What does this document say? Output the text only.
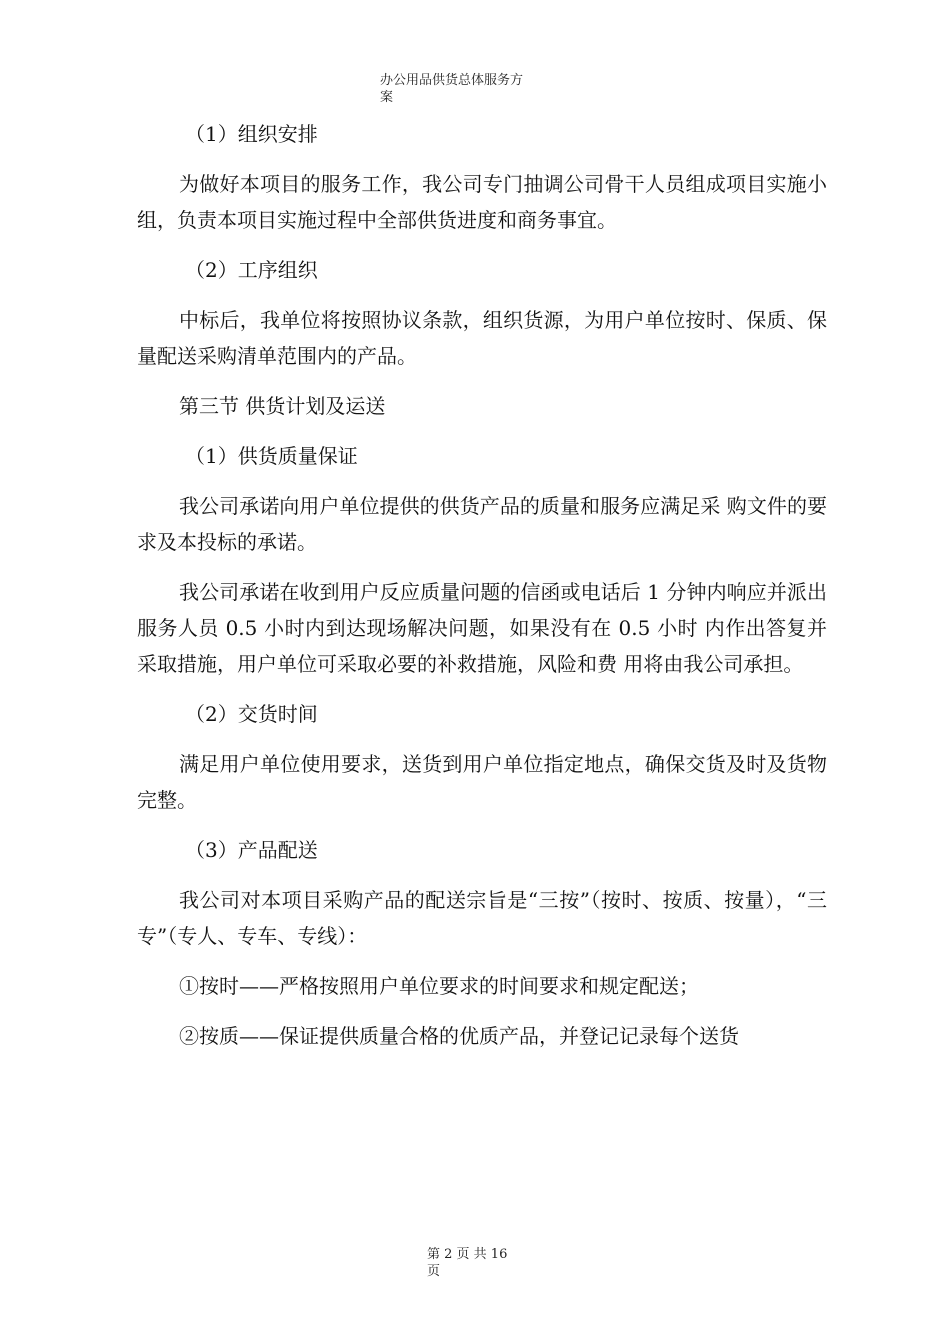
办公用品供货总体服务方
案
（1）组织安排
为做好本项目的服务工作，我公司专门抽调公司骨干人员组成项目实施小组，负责本项目实施过程中全部供货进度和商务事宜。
（2）工序组织
中标后，我单位将按照协议条款，组织货源，为用户单位按时、保质、保量配送采购清单范围内的产品。
第三节 供货计划及运送
（1）供货质量保证
我公司承诺向用户单位提供的供货产品的质量和服务应满足采 购文件的要求及本投标的承诺。
我公司承诺在收到用户反应质量问题的信函或电话后 1 分钟内响应并派出服务人员 0.5 小时内到达现场解决问题，如果没有在 0.5 小时 内作出答复并采取措施，用户单位可采取必要的补救措施，风险和费 用将由我公司承担。
（2）交货时间
满足用户单位使用要求，送货到用户单位指定地点，确保交货及时及货物完整。
（3）产品配送
我公司对本项目采购产品的配送宗旨是“三按”（按时、按质、按量），“三专”（专人、专车、专线）：
①按时——严格按照用户单位要求的时间要求和规定配送；
②按质——保证提供质量合格的优质产品，并登记记录每个送货
第 2 页 共 16
页
